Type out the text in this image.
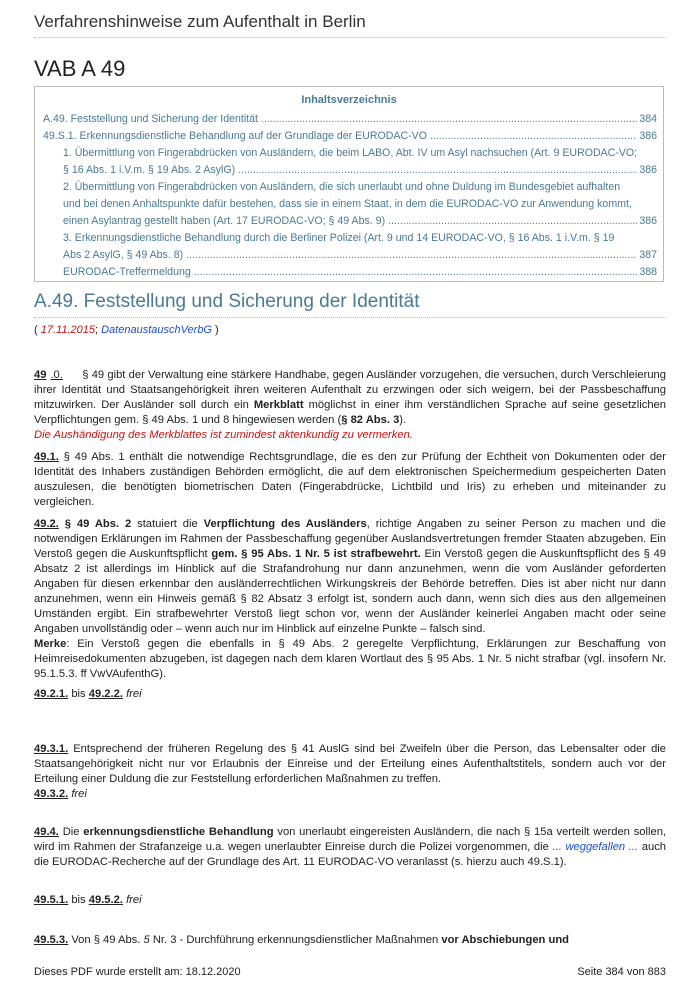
Verfahrenshinweise zum Aufenthalt in Berlin
VAB A 49
Inhaltsverzeichnis
A.49. Feststellung und Sicherung der Identität	384
.....
49.S.1. Erkennungsdienstliche Behandlung auf der Grundlage der EURODAC-VO	386
.....
1. Übermittlung von Fingerabdrücken von Ausländern, die beim LABO, Abt. IV um Asyl nachsuchen (Art. 9 EURODAC-VO;
§ 16 Abs. 1 i.V.m. § 19 Abs. 2 AsylG)	386
.....
2. Übermittlung von Fingerabdrücken von Ausländern, die sich unerlaubt und ohne Duldung im Bundesgebiet aufhalten
und bei denen Anhaltspunkte dafür bestehen, dass sie in einem Staat, in dem die EURODAC-VO zur Anwendung kommt,
einen Asylantrag gestellt haben (Art. 17 EURODAC-VO; § 49 Abs. 9)	386
.....
3. Erkennungsdienstliche Behandlung durch die Berliner Polizei (Art. 9 und 14 EURODAC-VO, § 16 Abs. 1 i.V.m. § 19
Abs 2 AsylG, § 49 Abs. 8)	387
.....
EURODAC-Treffermeldung	388
.....
A.49. Feststellung und Sicherung der Identität
( 17.11.2015; DatenaustauschVerbG )
49 .0. § 49 gibt der Verwaltung eine stärkere Handhabe, gegen Ausländer vorzugehen, die versuchen, durch Verschleierung ihrer Identität und Staatsangehörigkeit ihren weiteren Aufenthalt zu erzwingen oder sich weigern, bei der Passbeschaffung mitzuwirken. Der Ausländer soll durch ein Merkblatt möglichst in einer ihm verständlichen Sprache auf seine gesetzlichen Verpflichtungen gem. § 49 Abs. 1 und 8 hingewiesen werden (§ 82 Abs. 3).
Die Aushändigung des Merkblattes ist zumindest aktenkundig zu vermerken.
49.1. § 49 Abs. 1 enthält die notwendige Rechtsgrundlage, die es den zur Prüfung der Echtheit von Dokumenten oder der Identität des Inhabers zuständigen Behörden ermöglicht, die auf dem elektronischen Speichermedium gespeicherten Daten auszulesen, die benötigten biometrischen Daten (Fingerabdrücke, Lichtbild und Iris) zu erheben und miteinander zu vergleichen.
49.2. § 49 Abs. 2 statuiert die Verpflichtung des Ausländers, richtige Angaben zu seiner Person zu machen und die notwendigen Erklärungen im Rahmen der Passbeschaffung gegenüber Auslandsvertretungen fremder Staaten abzugeben. Ein Verstoß gegen die Auskunftspflicht gem. § 95 Abs. 1 Nr. 5 ist strafbewehrt. Ein Verstoß gegen die Auskunftspflicht des § 49 Absatz 2 ist allerdings im Hinblick auf die Strafandrohung nur dann anzunehmen, wenn die vom Ausländer geforderten Angaben für diesen erkennbar den ausländerrechtlichen Wirkungskreis der Behörde betreffen. Dies ist aber nicht nur dann anzunehmen, wenn ein Hinweis gemäß § 82 Absatz 3 erfolgt ist, sondern auch dann, wenn sich dies aus den allgemeinen Umständen ergibt. Ein strafbewehrter Verstoß liegt schon vor, wenn der Ausländer keinerlei Angaben macht oder seine Angaben unvollständig oder – wenn auch nur im Hinblick auf einzelne Punkte – falsch sind.
Merke: Ein Verstoß gegen die ebenfalls in § 49 Abs. 2 geregelte Verpflichtung, Erklärungen zur Beschaffung von Heimreisedokumenten abzugeben, ist dagegen nach dem klaren Wortlaut des § 95 Abs. 1 Nr. 5 nicht strafbar (vgl. insofern Nr. 95.1.5.3. ff VwVAufenthG).
49.2.1. bis 49.2.2. frei
49.3.1. Entsprechend der früheren Regelung des § 41 AuslG sind bei Zweifeln über die Person, das Lebensalter oder die Staatsangehörigkeit nicht nur vor Erlaubnis der Einreise und der Erteilung eines Aufenthaltstitels, sondern auch vor der Erteilung einer Duldung die zur Feststellung erforderlichen Maßnahmen zu treffen.
49.3.2. frei
49.4. Die erkennungsdienstliche Behandlung von unerlaubt eingereisten Ausländern, die nach § 15a verteilt werden sollen, wird im Rahmen der Strafanzeige u.a. wegen unerlaubter Einreise durch die Polizei vorgenommen, die ... weggefallen ... auch die EURODAC-Recherche auf der Grundlage des Art. 11 EURODAC-VO veranlasst (s. hierzu auch 49.S.1).
49.5.1. bis 49.5.2. frei
49.5.3. Von § 49 Abs. 5 Nr. 3 - Durchführung erkennungsdienstlicher Maßnahmen vor Abschiebungen und
Dieses PDF wurde erstellt am: 18.12.2020	Seite 384 von 883
